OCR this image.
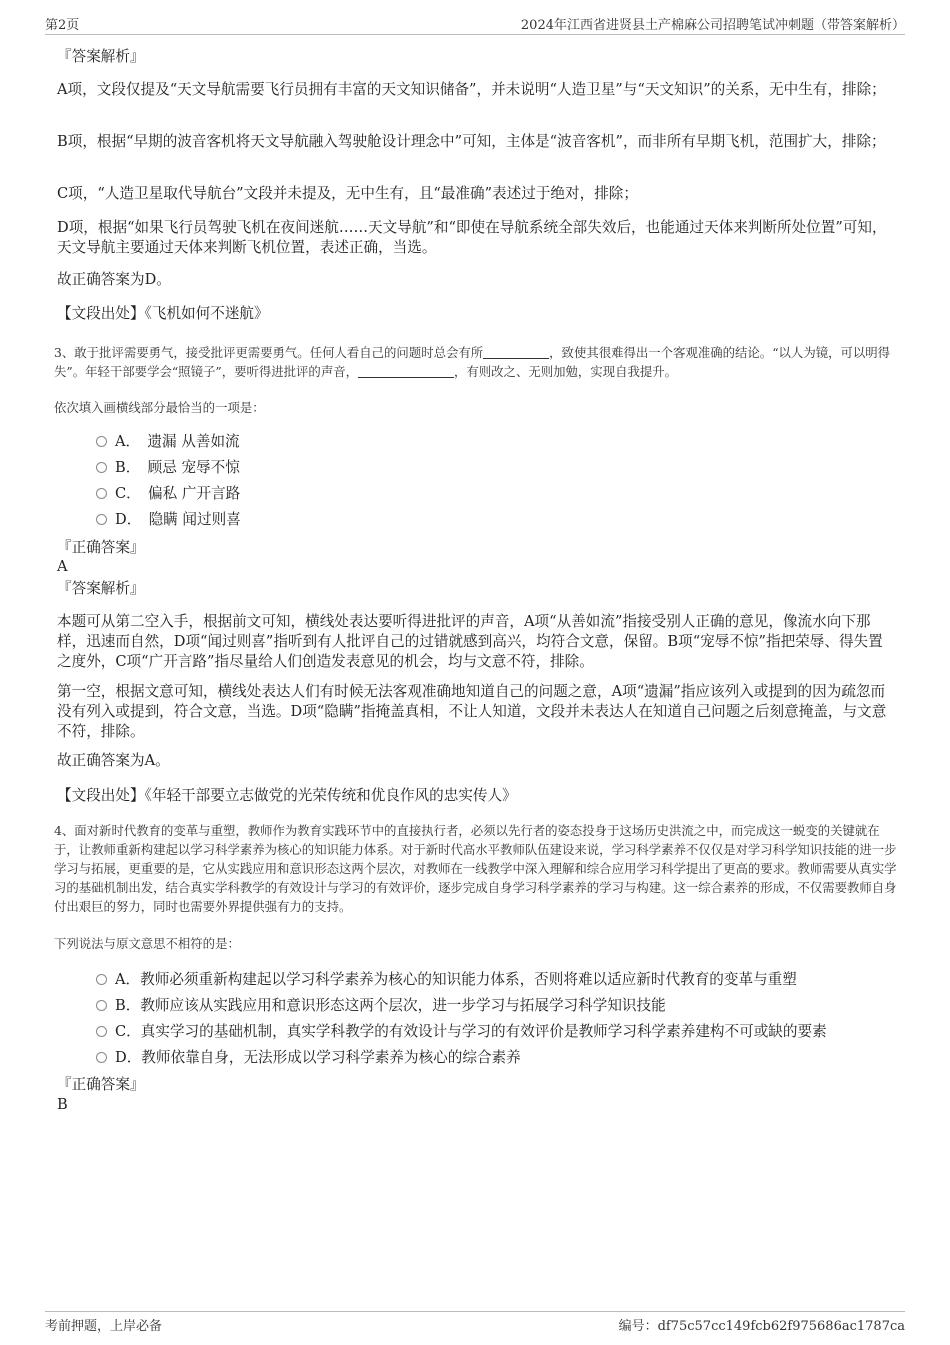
第2页	2024年江西省进贤县土产棉麻公司招聘笔试冲刺题（带答案解析）
『答案解析』
A项，文段仅提及“天文导航需要飞行员拥有丰富的天文知识储备”，并未说明“人造卫星”与“天文知识”的关系，无中生有，排除；
B项，根据“早期的波音客机将天文导航融入驾驶舱设计理念中”可知，主体是“波音客机”，而非所有早期飞机，范围扩大，排除；
C项，“人造卫星取代导航台”文段并未提及，无中生有，且“最准确”表述过于绝对，排除；
D项，根据“如果飞行员驾驶飞机在夜间迷航……天文导航”和“即使在导航系统全部失效后，也能通过天体来判断所处位置”可知，天文导航主要通过天体来判断飞机位置，表述正确，当选。
故正确答案为D。
【文段出处】《飞机如何不迷航》
3、敢于批评需要勇气，接受批评更需要勇气。任何人看自己的问题时总会有所	，致使其很难得出一个客观准确的结论。“以人为镜，可以明得失”。年轻干部要学会“照镜子”，要听得进批评的声音，	，有则改之、无则加勉，实现自我提升。
依次填入画横线部分最恰当的一项是：
A．　遗漏 从善如流
B．　顾忌 宠辱不惊
C．　偏私 广开言路
D．　隐瞒 闻过则喜
『正确答案』
A
『答案解析』
本题可从第二空入手，根据前文可知，横线处表达要听得进批评的声音，A项“从善如流”指接受别人正确的意见，像流水向下那样，迅速而自然，D项“闻过则喜”指听到有人批评自己的过错就感到高兴，均符合文意，保留。B项“宠辱不惊”指把荣辱、得失置之度外，C项“广开言路”指尽量给人们创造发表意见的机会，均与文意不符，排除。
第一空，根据文意可知，横线处表达人们有时候无法客观准确地知道自己的问题之意，A项“遗漏”指应该列入或提到的因为疏忽而没有列入或提到，符合文意，当选。D项“隐瞒”指掩盖真相，不让人知道，文段并未表达人在知道自己问题之后刻意掩盖，与文意不符，排除。
故正确答案为A。
【文段出处】《年轻干部要立志做党的光荣传统和优良作风的忠实传人》
4、面对新时代教育的变革与重塑，教师作为教育实践环节中的直接执行者，必须以先行者的姿态投身于这场历史洪流之中，而完成这一蜕变的关键就在于，让教师重新构建起以学习科学素养为核心的知识能力体系。对于新时代高水平教师队伍建设来说，学习科学素养不仅仅是对学习科学知识技能的进一步学习与拓展，更重要的是，它从实践应用和意识形态这两个层次，对教师在一线教学中深入理解和综合应用学习科学提出了更高的要求。教师需要从真实学习的基础机制出发，结合真实学科教学的有效设计与学习的有效评价，逐步完成自身学习科学素养的学习与构建。这一综合素养的形成，不仅需要教师自身付出艰巨的努力，同时也需要外界提供强有力的支持。
下列说法与原文意思不相符的是：
A．教师必须重新构建起以学习科学素养为核心的知识能力体系，否则将难以适应新时代教育的变革与重塑
B．教师应该从实践应用和意识形态这两个层次，进一步学习与拓展学习科学知识技能
C．真实学习的基础机制，真实学科教学的有效设计与学习的有效评价是教师学习科学素养建构不可或缺的要素
D．教师依靠自身，无法形成以学习科学素养为核心的综合素养
『正确答案』
B
考前押题，上岸必备	编号：df75c57cc149fcb62f975686ac1787ca
